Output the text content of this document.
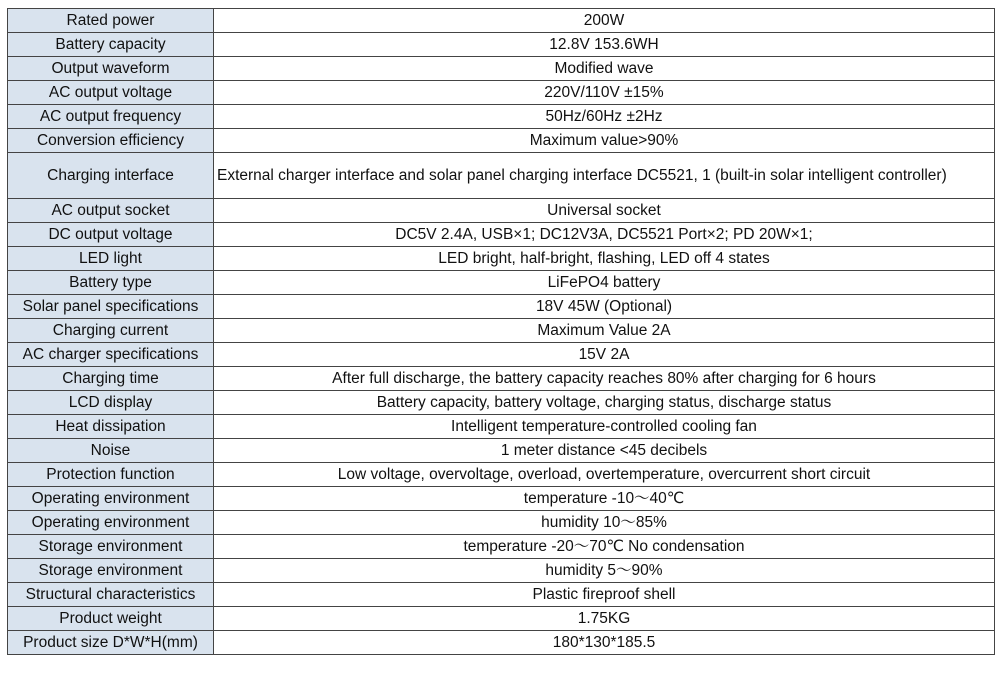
Rated power	200W
Battery capacity	12.8V 153.6WH
Output waveform	Modified wave
AC output voltage	220V/110V ±15%
AC output frequency	50Hz/60Hz ±2Hz
Conversion efficiency	Maximum value>90%
Charging interface	External charger interface and solar panel charging interface DC5521, 1 (built-in solar intelligent controller)
AC output socket	Universal socket
DC output voltage	DC5V 2.4A, USB×1; DC12V3A, DC5521 Port×2; PD 20W×1;
LED light	LED bright, half-bright, flashing, LED off 4 states
Battery type	LiFePO4 battery
Solar panel specifications	18V 45W (Optional)
Charging current	Maximum Value 2A
AC charger specifications	15V 2A
Charging time	After full discharge, the battery capacity reaches 80% after charging for 6 hours
LCD display	Battery capacity, battery voltage, charging status, discharge status
Heat dissipation	Intelligent temperature-controlled cooling fan
Noise	1 meter distance <45 decibels
Protection function	Low voltage, overvoltage, overload, overtemperature, overcurrent short circuit
Operating environment	temperature -10～40℃
Operating environment	humidity 10～85%
Storage environment	temperature -20～70℃ No condensation
Storage environment	humidity 5～90%
Structural characteristics	Plastic fireproof shell
Product weight	1.75KG
Product size D*W*H(mm)	180*130*185.5
